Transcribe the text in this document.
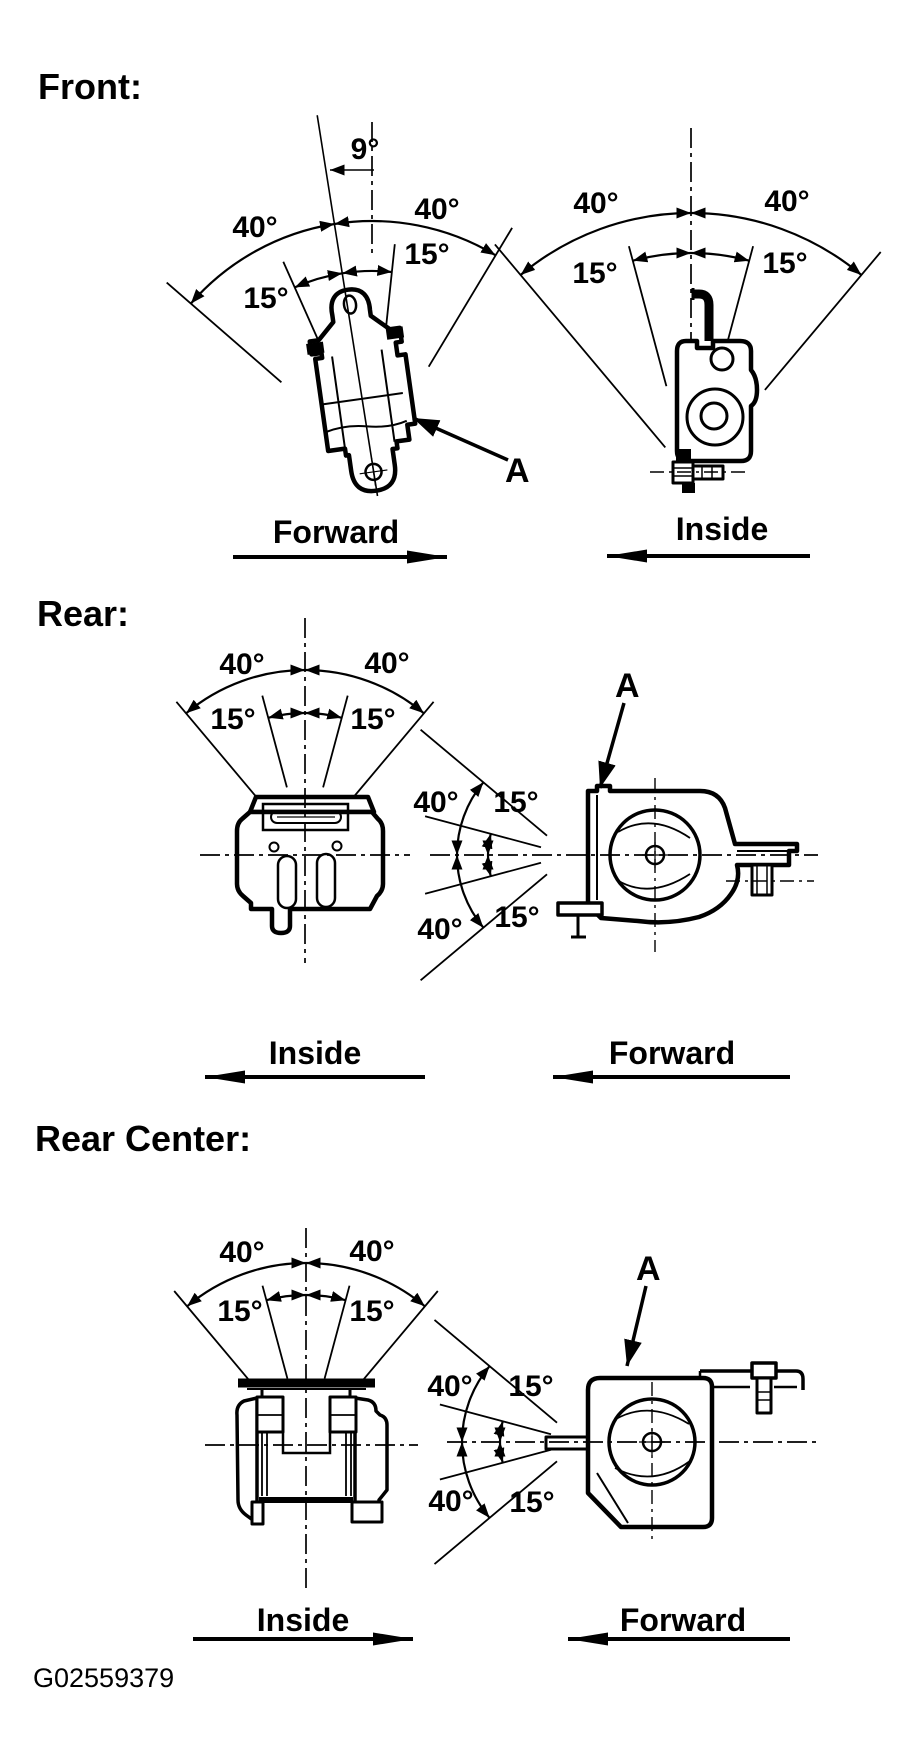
Front:
9°
40°
40°
15°
15°
Forward
A
40°	40°
15°	15°
Inside
Rear:
40°	40°
15°	15°
Inside
40° 15°
15°
40°
A
Forward
Rear Center:
40°	40°
15°	15°
Inside
40° 15°
40° 15°
A
Forward
G02559379
